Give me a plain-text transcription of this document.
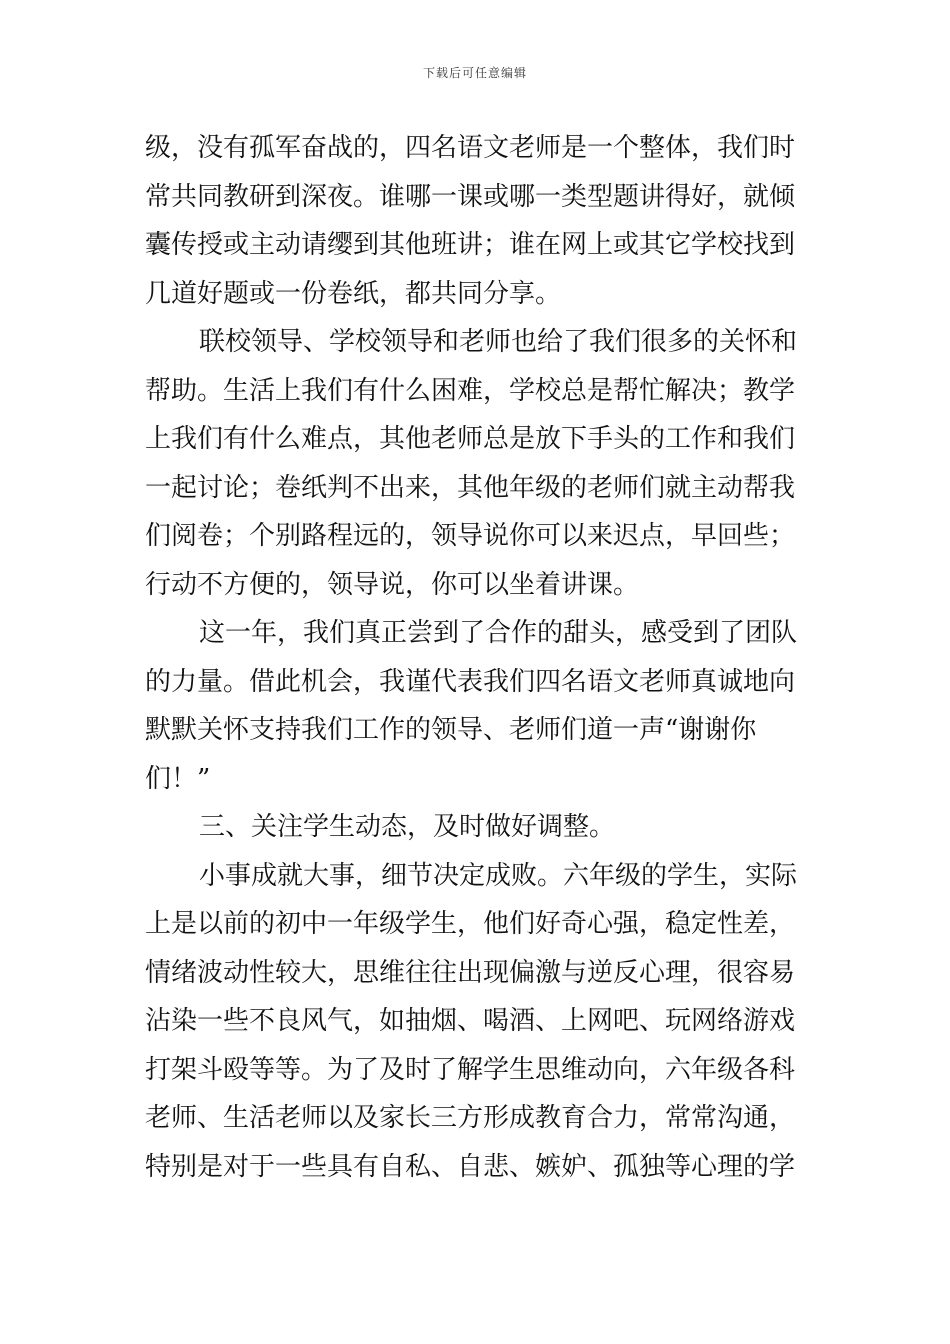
下载后可任意编辑
级，没有孤军奋战的，四名语文老师是一个整体，我们时
常共同教研到深夜。谁哪一课或哪一类型题讲得好，就倾
囊传授或主动请缨到其他班讲；谁在网上或其它学校找到
几道好题或一份卷纸，都共同分享。
联校领导、学校领导和老师也给了我们很多的关怀和
帮助。生活上我们有什么困难，学校总是帮忙解决；教学
上我们有什么难点，其他老师总是放下手头的工作和我们
一起讨论；卷纸判不出来，其他年级的老师们就主动帮我
们阅卷；个别路程远的，领导说你可以来迟点，早回些；
行动不方便的，领导说，你可以坐着讲课。
这一年，我们真正尝到了合作的甜头，感受到了团队
的力量。借此机会，我谨代表我们四名语文老师真诚地向
默默关怀支持我们工作的领导、老师们道一声“谢谢你
们！”
三、关注学生动态，及时做好调整。
小事成就大事，细节决定成败。六年级的学生，实际
上是以前的初中一年级学生，他们好奇心强，稳定性差，
情绪波动性较大，思维往往出现偏激与逆反心理，很容易
沾染一些不良风气，如抽烟、喝酒、上网吧、玩网络游戏
打架斗殴等等。为了及时了解学生思维动向，六年级各科
老师、生活老师以及家长三方形成教育合力，常常沟通，
特别是对于一些具有自私、自悲、嫉妒、孤独等心理的学
